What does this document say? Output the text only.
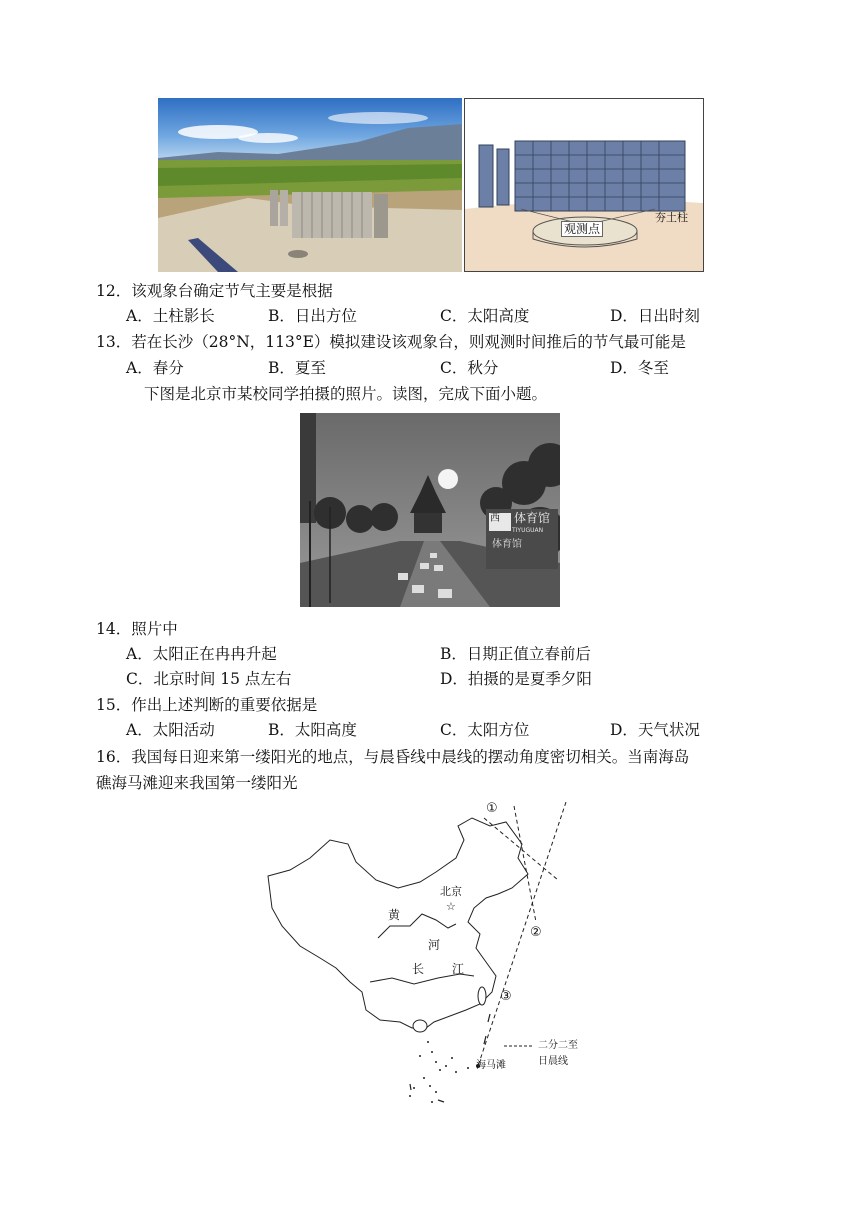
观测点
夯土柱
12．该观象台确定节气主要是根据
A．土柱影长	B．日出方位	C．太阳高度	D．日出时刻
13．若在长沙（28°N，113°E）模拟建设该观象台，则观测时间推后的节气最可能是
A．春分	B．夏至	C．秋分	D．冬至
下图是北京市某校同学拍摄的照片。读图，完成下面小题。
西 体育馆
TIYUGUAN
体育馆
14．照片中
A．太阳正在冉冉升起	B．日期正值立春前后
C．北京时间 15 点左右	D．拍摄的是夏季夕阳
15．作出上述判断的重要依据是
A．太阳活动	B．太阳高度	C．太阳方位	D．天气状况
16．我国每日迎来第一缕阳光的地点，与晨昏线中晨线的摆动角度密切相关。当南海岛
礁海马滩迎来我国第一缕阳光
☆
北京
黄
河
长 江
①
②
③
海马滩
二分二至
日晨线
